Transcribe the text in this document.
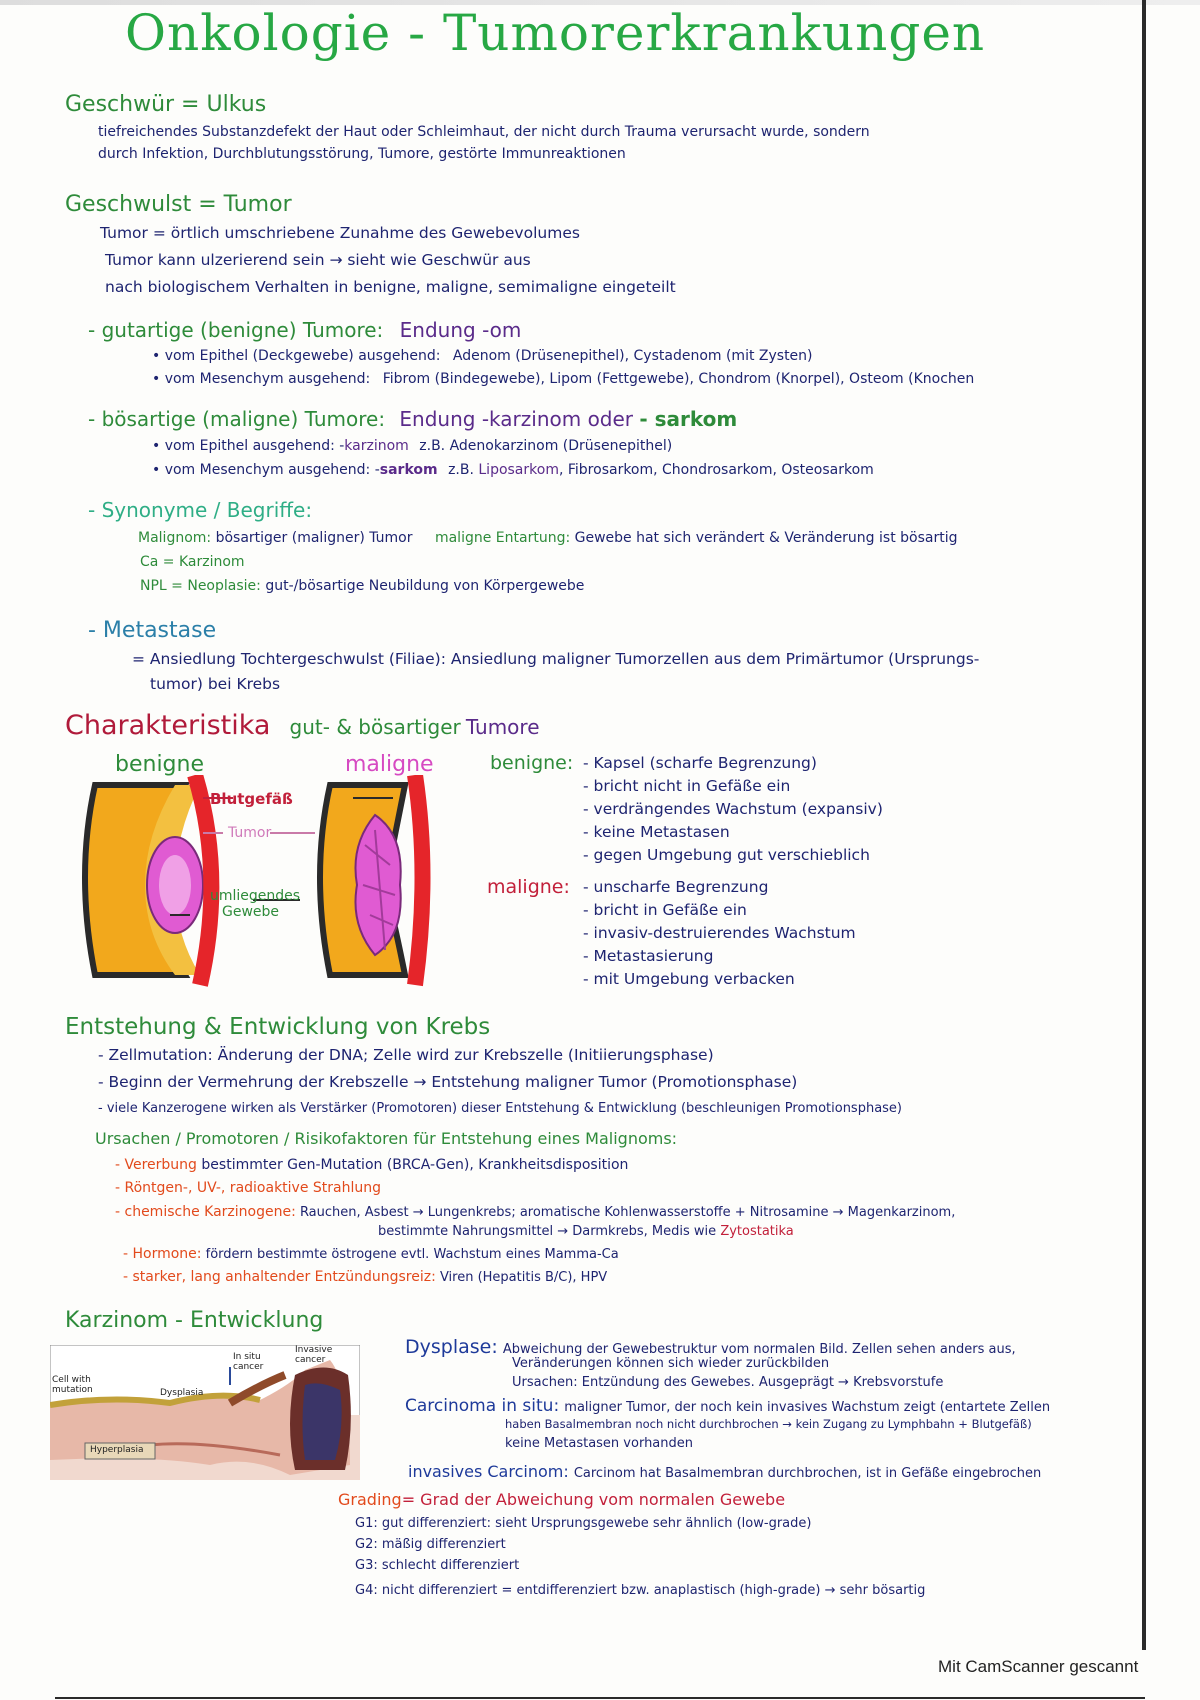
Onkologie - Tumorerkrankungen
Geschwür = Ulkus
tiefreichendes Substanzdefekt der Haut oder Schleimhaut, der nicht durch Trauma verursacht wurde, sondern
durch Infektion, Durchblutungsstörung, Tumore, gestörte Immunreaktionen
Geschwulst = Tumor
Tumor = örtlich umschriebene Zunahme des Gewebevolumes
Tumor kann ulzerierend sein → sieht wie Geschwür aus
nach biologischem Verhalten in benigne, maligne, semimaligne eingeteilt
- gutartige (benigne) Tumore: Endung -om
• vom Epithel (Deckgewebe) ausgehend: Adenom (Drüsenepithel), Cystadenom (mit Zysten)
• vom Mesenchym ausgehend: Fibrom (Bindegewebe), Lipom (Fettgewebe), Chondrom (Knorpel), Osteom (Knochen
- bösartige (maligne) Tumore: Endung -karzinom oder - sarkom
• vom Epithel ausgehend: -karzinom z.B. Adenokarzinom (Drüsenepithel)
• vom Mesenchym ausgehend: -sarkom z.B. Liposarkom, Fibrosarkom, Chondrosarkom, Osteosarkom
- Synonyme / Begriffe:
Malignom: bösartiger (maligner) Tumor maligne Entartung: Gewebe hat sich verändert & Veränderung ist bösartig
Ca = Karzinom
NPL = Neoplasie: gut-/bösartige Neubildung von Körpergewebe
- Metastase
= Ansiedlung Tochtergeschwulst (Filiae): Ansiedlung maligner Tumorzellen aus dem Primärtumor (Ursprungs-
tumor) bei Krebs
Charakteristika gut- & bösartiger Tumore
benigne	maligne
Blutgefäß
Tumor
umliegendes
Gewebe
benigne: - Kapsel (scharfe Begrenzung)
- bricht nicht in Gefäße ein
- verdrängendes Wachstum (expansiv)
- keine Metastasen
- gegen Umgebung gut verschieblich
maligne: - unscharfe Begrenzung
- bricht in Gefäße ein
- invasiv-destruierendes Wachstum
- Metastasierung
- mit Umgebung verbacken
Entstehung & Entwicklung von Krebs
- Zellmutation: Änderung der DNA; Zelle wird zur Krebszelle (Initiierungsphase)
- Beginn der Vermehrung der Krebszelle → Entstehung maligner Tumor (Promotionsphase)
- viele Kanzerogene wirken als Verstärker (Promotoren) dieser Entstehung & Entwicklung (beschleunigen Promotionsphase)
Ursachen / Promotoren / Risikofaktoren für Entstehung eines Malignoms:
- Vererbung bestimmter Gen-Mutation (BRCA-Gen), Krankheitsdisposition
- Röntgen-, UV-, radioaktive Strahlung
- chemische Karzinogene: Rauchen, Asbest → Lungenkrebs; aromatische Kohlenwasserstoffe + Nitrosamine → Magenkarzinom,
bestimmte Nahrungsmittel → Darmkrebs, Medis wie Zytostatika
- Hormone: fördern bestimmte östrogene evtl. Wachstum eines Mamma-Ca
- starker, lang anhaltender Entzündungsreiz: Viren (Hepatitis B/C), HPV
Karzinom - Entwicklung
Cell with mutation	Dysplasia
In situ cancer
Invasive cancer
Hyperplasia
Dysplase: Abweichung der Gewebestruktur vom normalen Bild. Zellen sehen anders aus,
Veränderungen können sich wieder zurückbilden
Ursachen: Entzündung des Gewebes. Ausgeprägt → Krebsvorstufe
Carcinoma in situ: maligner Tumor, der noch kein invasives Wachstum zeigt (entartete Zellen
haben Basalmembran noch nicht durchbrochen → kein Zugang zu Lymphbahn + Blutgefäß)
keine Metastasen vorhanden
invasives Carcinom: Carcinom hat Basalmembran durchbrochen, ist in Gefäße eingebrochen
Grading= Grad der Abweichung vom normalen Gewebe
G1: gut differenziert: sieht Ursprungsgewebe sehr ähnlich (low-grade)
G2: mäßig differenziert
G3: schlecht differenziert
G4: nicht differenziert = entdifferenziert bzw. anaplastisch (high-grade) → sehr bösartig
Mit CamScanner gescannt
